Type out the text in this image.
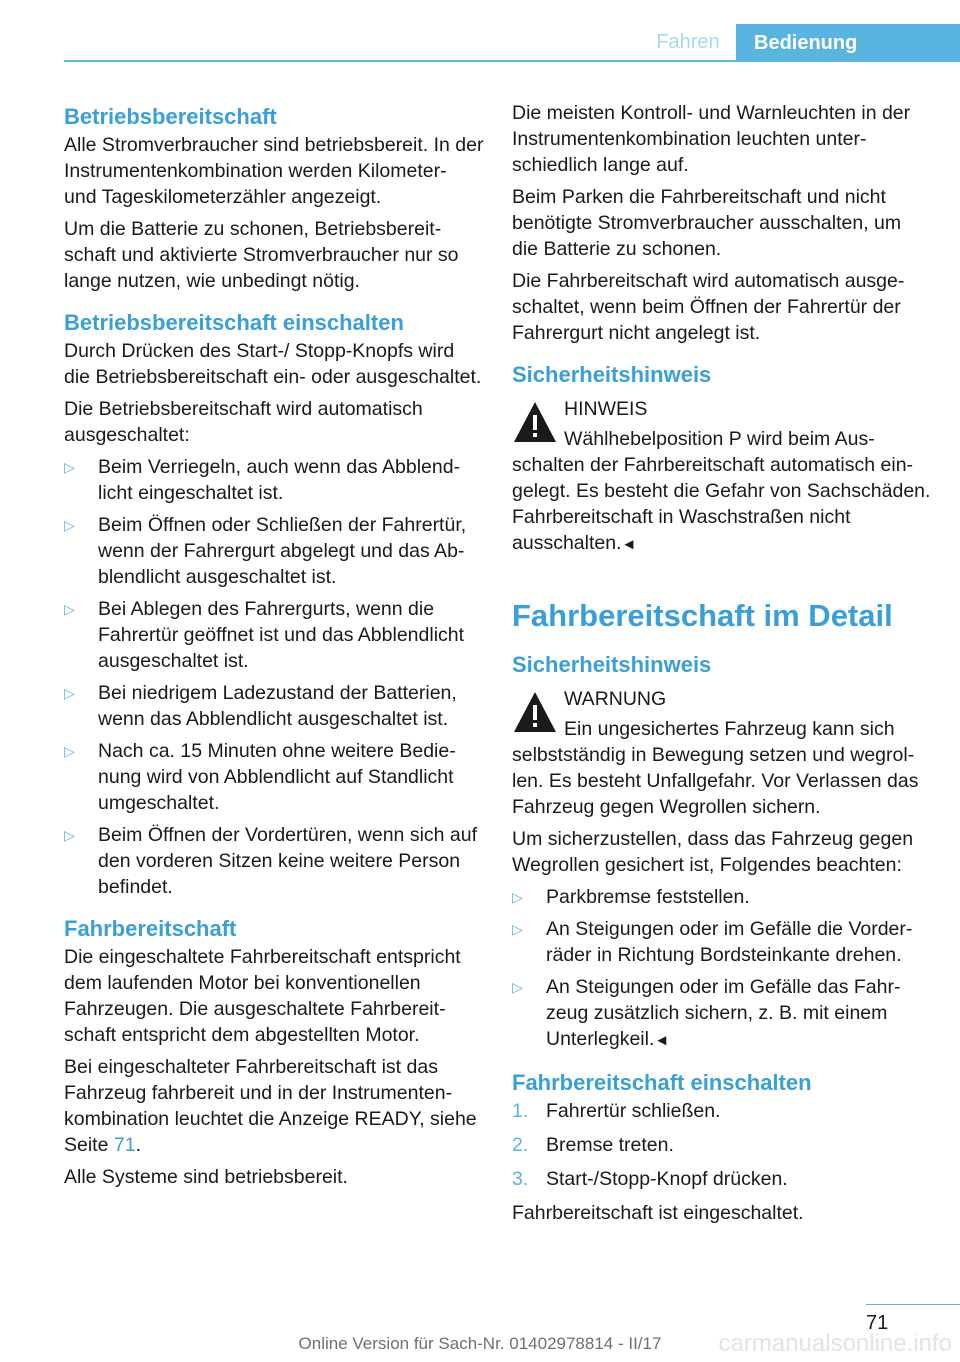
Fahren	Bedienung
Betriebsbereitschaft

Alle Stromverbraucher sind betriebsbereit. In der Instrumentenkombination werden Kilometer- und Tageskilometerzähler angezeigt.

Um die Batterie zu schonen, Betriebsbereitschaft und aktivierte Stromverbraucher nur so lange nutzen, wie unbedingt nötig.

Betriebsbereitschaft einschalten

Durch Drücken des Start-/ Stopp-Knopfs wird die Betriebsbereitschaft ein- oder ausgeschaltet.

Die Betriebsbereitschaft wird automatisch ausgeschaltet:

▷ Beim Verriegeln, auch wenn das Abblendlicht eingeschaltet ist.
▷ Beim Öffnen oder Schließen der Fahrertür, wenn der Fahrergurt abgelegt und das Abblendlicht ausgeschaltet ist.
▷ Bei Ablegen des Fahrergurts, wenn die Fahrertür geöffnet ist und das Abblendlicht ausgeschaltet ist.
▷ Bei niedrigem Ladezustand der Batterien, wenn das Abblendlicht ausgeschaltet ist.
▷ Nach ca. 15 Minuten ohne weitere Bedienung wird von Abblendlicht auf Standlicht umgeschaltet.
▷ Beim Öffnen der Vordertüren, wenn sich auf den vorderen Sitzen keine weitere Person befindet.
Fahrbereitschaft

Die eingeschaltete Fahrbereitschaft entspricht dem laufenden Motor bei konventionellen Fahrzeugen. Die ausgeschaltete Fahrbereitschaft entspricht dem abgestellten Motor.

Bei eingeschalteter Fahrbereitschaft ist das Fahrzeug fahrbereit und in der Instrumentenkombination leuchtet die Anzeige READY, siehe Seite 71.

Alle Systeme sind betriebsbereit.

Die meisten Kontroll- und Warnleuchten in der Instrumentenkombination leuchten unterschiedlich lange auf.

Beim Parken die Fahrbereitschaft und nicht benötigte Stromverbraucher ausschalten, um die Batterie zu schonen.

Die Fahrbereitschaft wird automatisch ausgeschaltet, wenn beim Öffnen der Fahrertür der Fahrergurt nicht angelegt ist.

Sicherheitshinweis
HINWEIS

Wählhebelposition P wird beim Ausschalten der Fahrbereitschaft automatisch eingelegt. Es besteht die Gefahr von Sachschäden. Fahrbereitschaft in Waschstraßen nicht ausschalten.◄

Fahrbereitschaft im Detail
Sicherheitshinweis
WARNUNG

Ein ungesichertes Fahrzeug kann sich selbstständig in Bewegung setzen und wegrollen. Es besteht Unfallgefahr. Vor Verlassen das Fahrzeug gegen Wegrollen sichern.

Um sicherzustellen, dass das Fahrzeug gegen Wegrollen gesichert ist, Folgendes beachten:

▷ Parkbremse feststellen.
▷ An Steigungen oder im Gefälle die Vorderräder in Richtung Bordsteinkante drehen.
▷ An Steigungen oder im Gefälle das Fahrzeug zusätzlich sichern, z. B. mit einem Unterlegkeil.◄
Fahrbereitschaft einschalten
1. Fahrertür schließen.
2. Bremse treten.
3. Start-/Stopp-Knopf drücken.

Fahrbereitschaft ist eingeschaltet.

71
Online Version für Sach-Nr. 01402978814 - II/17	carmanualsonline.info
